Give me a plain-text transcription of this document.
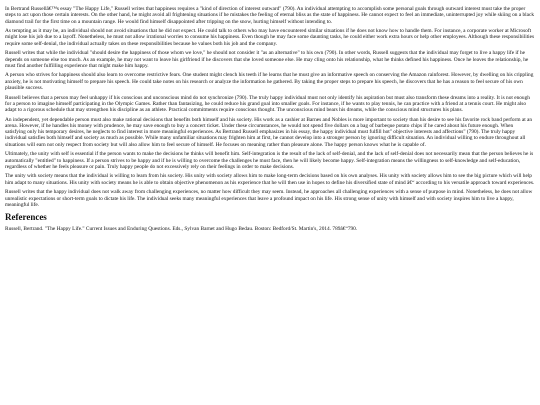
In Bertrand Russellâ€™s essay "The Happy Life," Russell writes that happiness requires a "kind of direction of interest outward" (790). An individual attempting to accomplish some personal goals through outward interest must take the proper steps to act upon those certain interests. On the other hand, he might avoid all frightening situations if he mistakes the feeling of eternal bliss as the state of happiness. He cannot expect to feel an immediate, uninterrupted joy while skiing on a black diamond trail for the first time on a mountain range. He would find himself disappointed after tripping on the snow, hurting himself without intending to.

As tempting as it may be, an individual should not avoid situations that he did not expect. He could talk to others who may have encountered similar situations if he does not know how to handle them. For instance, a corporate worker at Microsoft might lose his job due to a layoff. Nonetheless, he must not allow irrational worries to consume his happiness. Even though he may face some daunting tasks, he could either work extra hours or help other employees. Although these responsibilities require some self-denial, the individual actually takes on these responsibilities because he values both his job and the company.

Russell writes that while the individual "should desire the happiness of those whom we love," he should not consider it "as an alternative" to his own (790). In other words, Russell suggests that the individual may forget to live a happy life if he depends on someone else too much. As an example, he may not want to leave his girlfriend if he discovers that she loved someone else. He may cling onto his relationship, what he thinks defined his happiness. Once he leaves the relationship, he must find another fulfilling experience that might make him happy.

A person who strives for happiness should also learn to overcome restrictive fears. One student might clench his teeth if he learns that he must give an informative speech on conserving the Amazon rainforest. However, by dwelling on his crippling anxiety, he is not motivating himself to prepare his speech. He could take notes on his research or analyze the information he gathered. By taking the proper steps to prepare his speech, he discovers that he has a reason to feel secure of his own plausible success.

Russell believes that a person may feel unhappy if his conscious and unconscious mind do not synchronize (790). The truly happy individual must not only identify his aspiration but must also transform these dreams into a reality. It is not enough for a person to imagine himself participating in the Olympic Games. Rather than fantasizing, he could reduce his grand goal into smaller goals. For instance, if he wants to play tennis, he can practice with a friend at a tennis court. He might also adapt to a rigorous schedule that may strengthen his discipline as an athlete. Practical commitments require conscious thought. The unconscious mind bears his dreams, while the conscious mind structures his plans.

An independent, yet dependable person must also make rational decisions that benefits both himself and his society. His work as a cashier at Barnes and Nobles is more important to society than his desire to see his favorite rock band perform at an arena. However, if he handles his money with prudence, he may save enough to buy a concert ticket. Under these circumstances, he would not spend five dollars on a bag of barbeque potato chips if he cared about his future enough. When satisfying only his temporary desires, he neglects to find interest in more meaningful experiences. As Bertrand Russell emphasizes in his essay, the happy individual must fulfill hot" objective interests and affections" (790). The truly happy individual satisfies both himself and society as much as possible. While many unfamiliar situations may frighten him at first, he cannot develop into a stronger person by ignoring difficult situation. An individual willing to endure throughout all situations will earn not only respect from society but will also allow him to feel secure of himself. He focuses on meaning rather than pleasure alone. The happy person knows what he is capable of.

Ultimately, the unity with self is essential if the person wants to make the decisions he thinks will benefit him. Self-integration is the result of the lack of self-denial, and the lack of self-denial does not necessarily mean that the person believes he is automatically "entitled" to happiness. If a person strives to be happy and if he is willing to overcome the challenges he must face, then he will likely become happy. Self-integration means the willingness to self-knowledge and self-education, regardless of whether he feels pleasure or pain. Truly happy people do not excessively rely on their feelings in order to make decisions.

The unity with society means that the individual is willing to learn from his society. His unity with society allows him to make long-term decisions based on his own analyses. His unity with society allows him to see the big picture which will help him adapt to many situations. His unity with society means he is able to obtain objective phenomenon as his experience that he will then use in hopes to define his diversified state of mind â€“ according to his versatile approach toward experiences.

Russell writes that the happy individual does not walk away from challenging experiences, no matter how difficult they may seem. Instead, he approaches all challenging experiences with a sense of purpose in mind. Nonetheless, he does not allow unrealistic expectations or short-term goals to dictate his life. The individual seeks many meaningful experiences that leave a profound impact on his life. His strong sense of unity with himself and with society inspires him to live a happy, meaningful life.

References

Russell, Bertrand. "The Happy Life." Current Issues and Enduring Questions. Eds., Sylvan Barnet and Hugo Bedau. Boston: Bedford/St. Martin's, 2014. 789â€“790.
